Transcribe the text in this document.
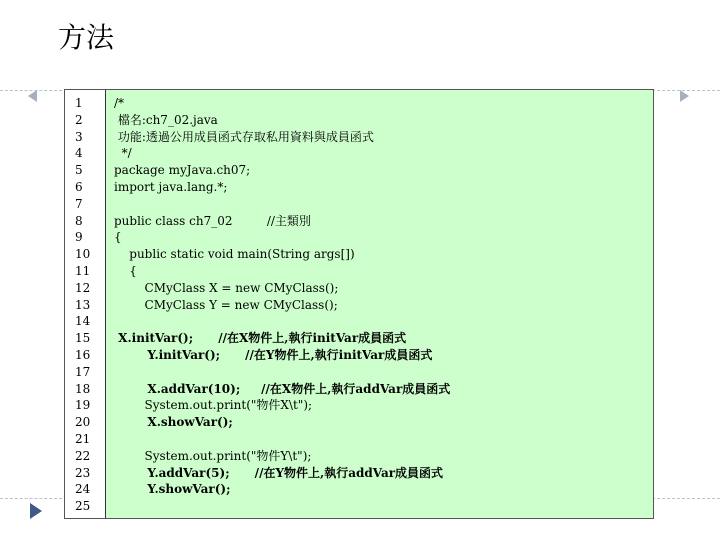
方法
1
2
3
4
5
6
7
8
9
10
11
12
13
14
15
16
17
18
19
20
21
22
23
24
25
/*
檔名:ch7_02.java
功能:透過公用成員函式存取私用資料與成員函式
*/
package myJava.ch07;
import java.lang.*;
public class ch7_02         //主類別
{
public static void main(String args[])
{
CMyClass X = new CMyClass();
CMyClass Y = new CMyClass();
X.initVar();      //在X物件上,執行initVar成員函式
Y.initVar();      //在Y物件上,執行initVar成員函式
X.addVar(10);     //在X物件上,執行addVar成員函式
System.out.print("物件X\t");
X.showVar();
System.out.print("物件Y\t");
Y.addVar(5);      //在Y物件上,執行addVar成員函式
Y.showVar();
